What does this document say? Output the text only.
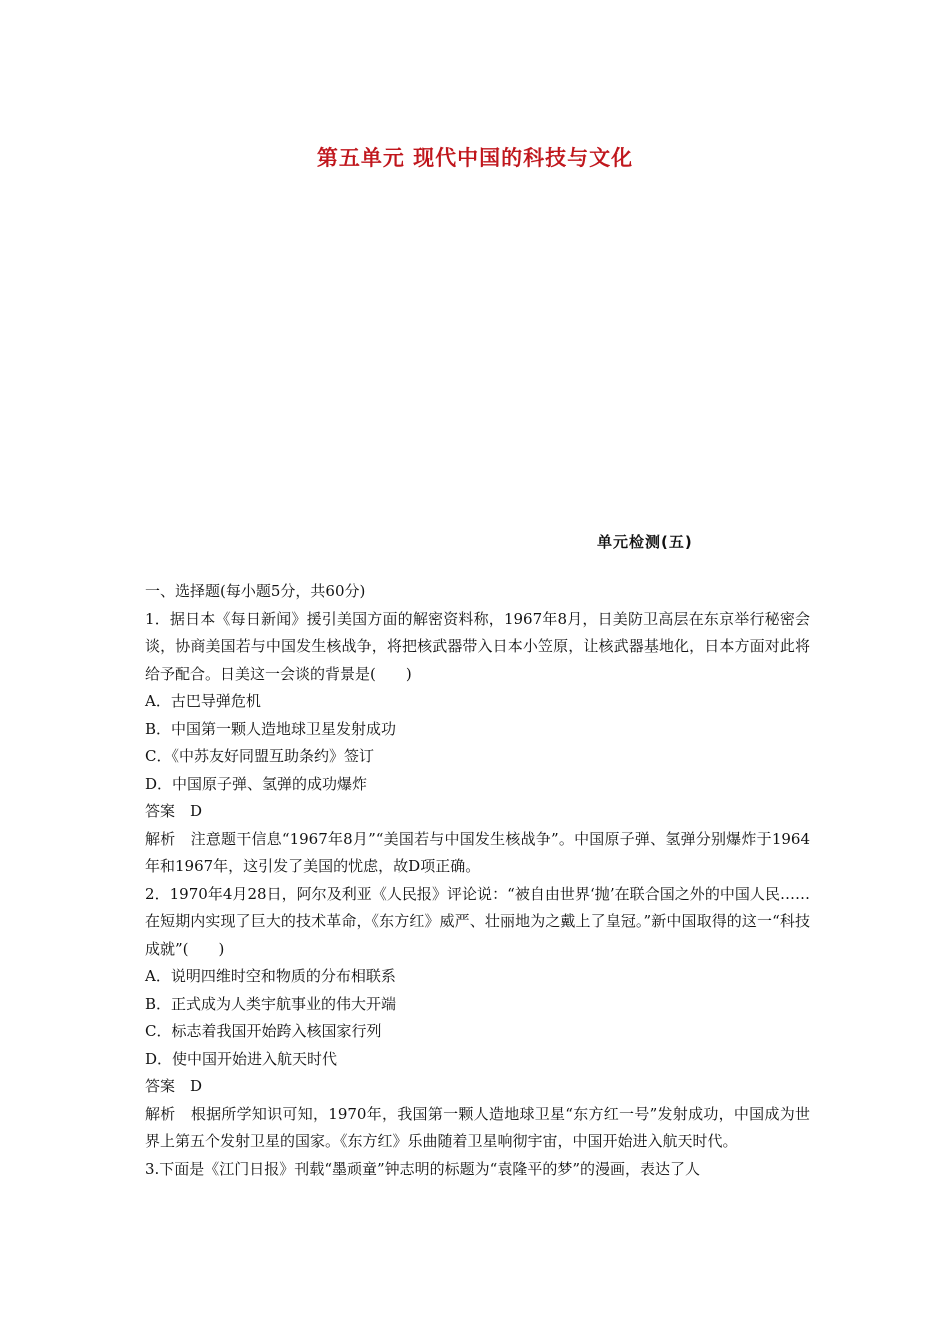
第五单元 现代中国的科技与文化
单元检测(五)

一、选择题(每小题5分，共60分)

1．据日本《每日新闻》援引美国方面的解密资料称，1967年8月，日美防卫高层在东京举行秘密会谈，协商美国若与中国发生核战争，将把核武器带入日本小笠原，让核武器基地化，日本方面对此将给予配合。日美这一会谈的背景是(　　)

A．古巴导弹危机

B．中国第一颗人造地球卫星发射成功

C．《中苏友好同盟互助条约》签订

D．中国原子弹、氢弹的成功爆炸

答案　D

解析　注意题干信息“1967年8月”“美国若与中国发生核战争”。中国原子弹、氢弹分别爆炸于1964年和1967年，这引发了美国的忧虑，故D项正确。

2．1970年4月28日，阿尔及利亚《人民报》评论说：“被自由世界‘抛’在联合国之外的中国人民……在短期内实现了巨大的技术革命，《东方红》威严、壮丽地为之戴上了皇冠。”新中国取得的这一“科技成就”(　　)

A．说明四维时空和物质的分布相联系

B．正式成为人类宇航事业的伟大开端

C．标志着我国开始跨入核国家行列

D．使中国开始进入航天时代

答案　D

解析　根据所学知识可知，1970年，我国第一颗人造地球卫星“东方红一号”发射成功，中国成为世界上第五个发射卫星的国家。《东方红》乐曲随着卫星响彻宇宙，中国开始进入航天时代。

3.下面是《江门日报》刊载“墨顽童”钟志明的标题为“袁隆平的梦”的漫画，表达了人
